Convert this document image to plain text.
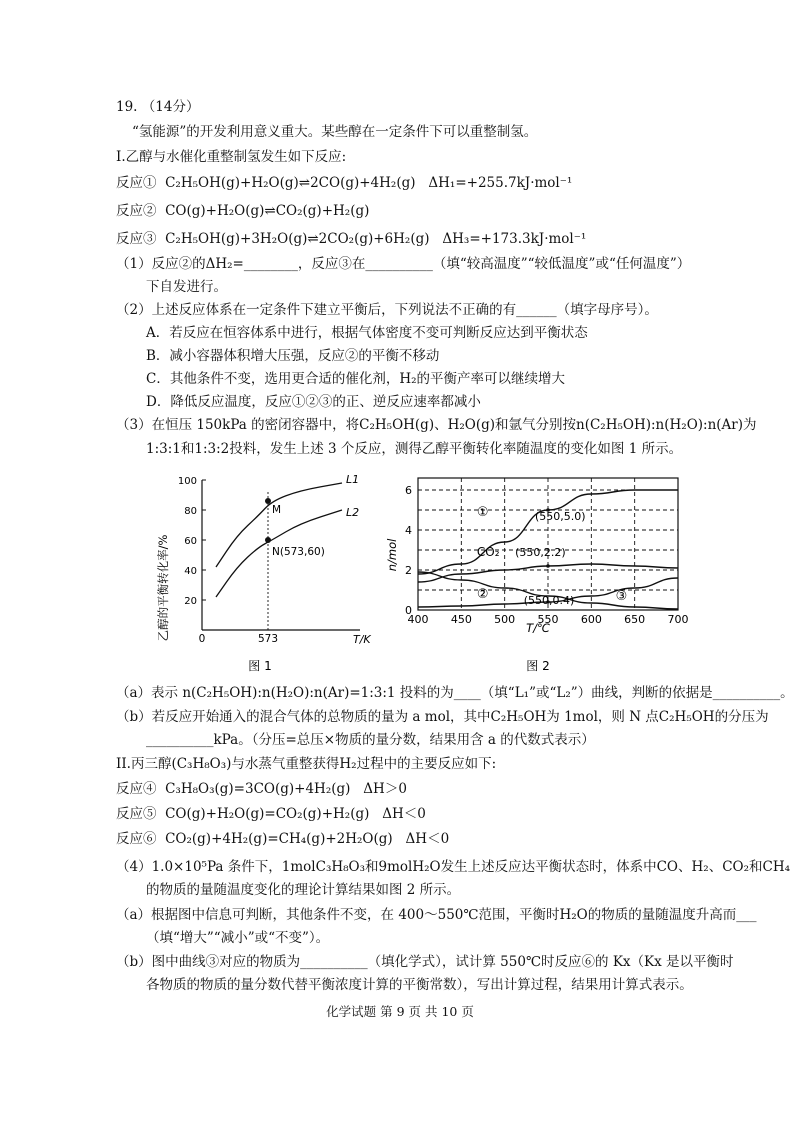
19. （14分）
“氢能源”的开发利用意义重大。某些醇在一定条件下可以重整制氢。
I.乙醇与水催化重整制氢发生如下反应:
反应① C₂H₅OH(g)+H₂O(g)⇌2CO(g)+4H₂(g) ΔH₁=+255.7kJ·mol⁻¹
反应② CO(g)+H₂O(g)⇌CO₂(g)+H₂(g)
反应③ C₂H₅OH(g)+3H₂O(g)⇌2CO₂(g)+6H₂(g) ΔH₃=+173.3kJ·mol⁻¹
（1）反应②的ΔH₂=________，反应③在__________（填“较高温度”“较低温度”或“任何温度”）
下自发进行。
（2）上述反应体系在一定条件下建立平衡后，下列说法不正确的有______（填字母序号）。
A．若反应在恒容体系中进行，根据气体密度不变可判断反应达到平衡状态
B．减小容器体积增大压强，反应②的平衡不移动
C．其他条件不变，选用更合适的催化剂，H₂的平衡产率可以继续增大
D．降低反应温度，反应①②③的正、逆反应速率都减小
（3）在恒压 150kPa 的密闭容器中，将C₂H₅OH(g)、H₂O(g)和氩气分别按n(C₂H₅OH):n(H₂O):n(Ar)为
1:3:1和1:3:2投料，发生上述 3 个反应，测得乙醇平衡转化率随温度的变化如图 1 所示。
乙醇的平衡转化率/%	T/K
0	573
图 1
20
40
60
80
100	L1
L2
M
N(573,60)	n/mol
T/℃
图 2
400 450 500 550 600 650 700
0
2
4
6
①	(550,5.0)
CO₂ (550,2.2)
②	(550,0.4)	③
（a）表示 n(C₂H₅OH):n(H₂O):n(Ar)=1:3:1 投料的为____（填“L₁”或“L₂”）曲线，判断的依据是__________。
（b）若反应开始通入的混合气体的总物质的量为 a mol，其中C₂H₅OH为 1mol，则 N 点C₂H₅OH的分压为
__________kPa。（分压=总压×物质的量分数，结果用含 a 的代数式表示）
II.丙三醇(C₃H₈O₃)与水蒸气重整获得H₂过程中的主要反应如下:
反应④ C₃H₈O₃(g)=3CO(g)+4H₂(g) ΔH＞0
反应⑤ CO(g)+H₂O(g)=CO₂(g)+H₂(g) ΔH＜0
反应⑥ CO₂(g)+4H₂(g)=CH₄(g)+2H₂O(g) ΔH＜0
（4）1.0×10⁵Pa 条件下，1molC₃H₈O₃和9molH₂O发生上述反应达平衡状态时，体系中CO、H₂、CO₂和CH₄
的物质的量随温度变化的理论计算结果如图 2 所示。
（a）根据图中信息可判断，其他条件不变，在 400～550℃范围，平衡时H₂O的物质的量随温度升高而___
（填“增大”“减小”或“不变”）。
（b）图中曲线③对应的物质为__________（填化学式），试计算 550℃时反应⑥的 Kx（Kx 是以平衡时
各物质的物质的量分数代替平衡浓度计算的平衡常数），写出计算过程，结果用计算式表示。
化学试题 第 9 页 共 10 页
